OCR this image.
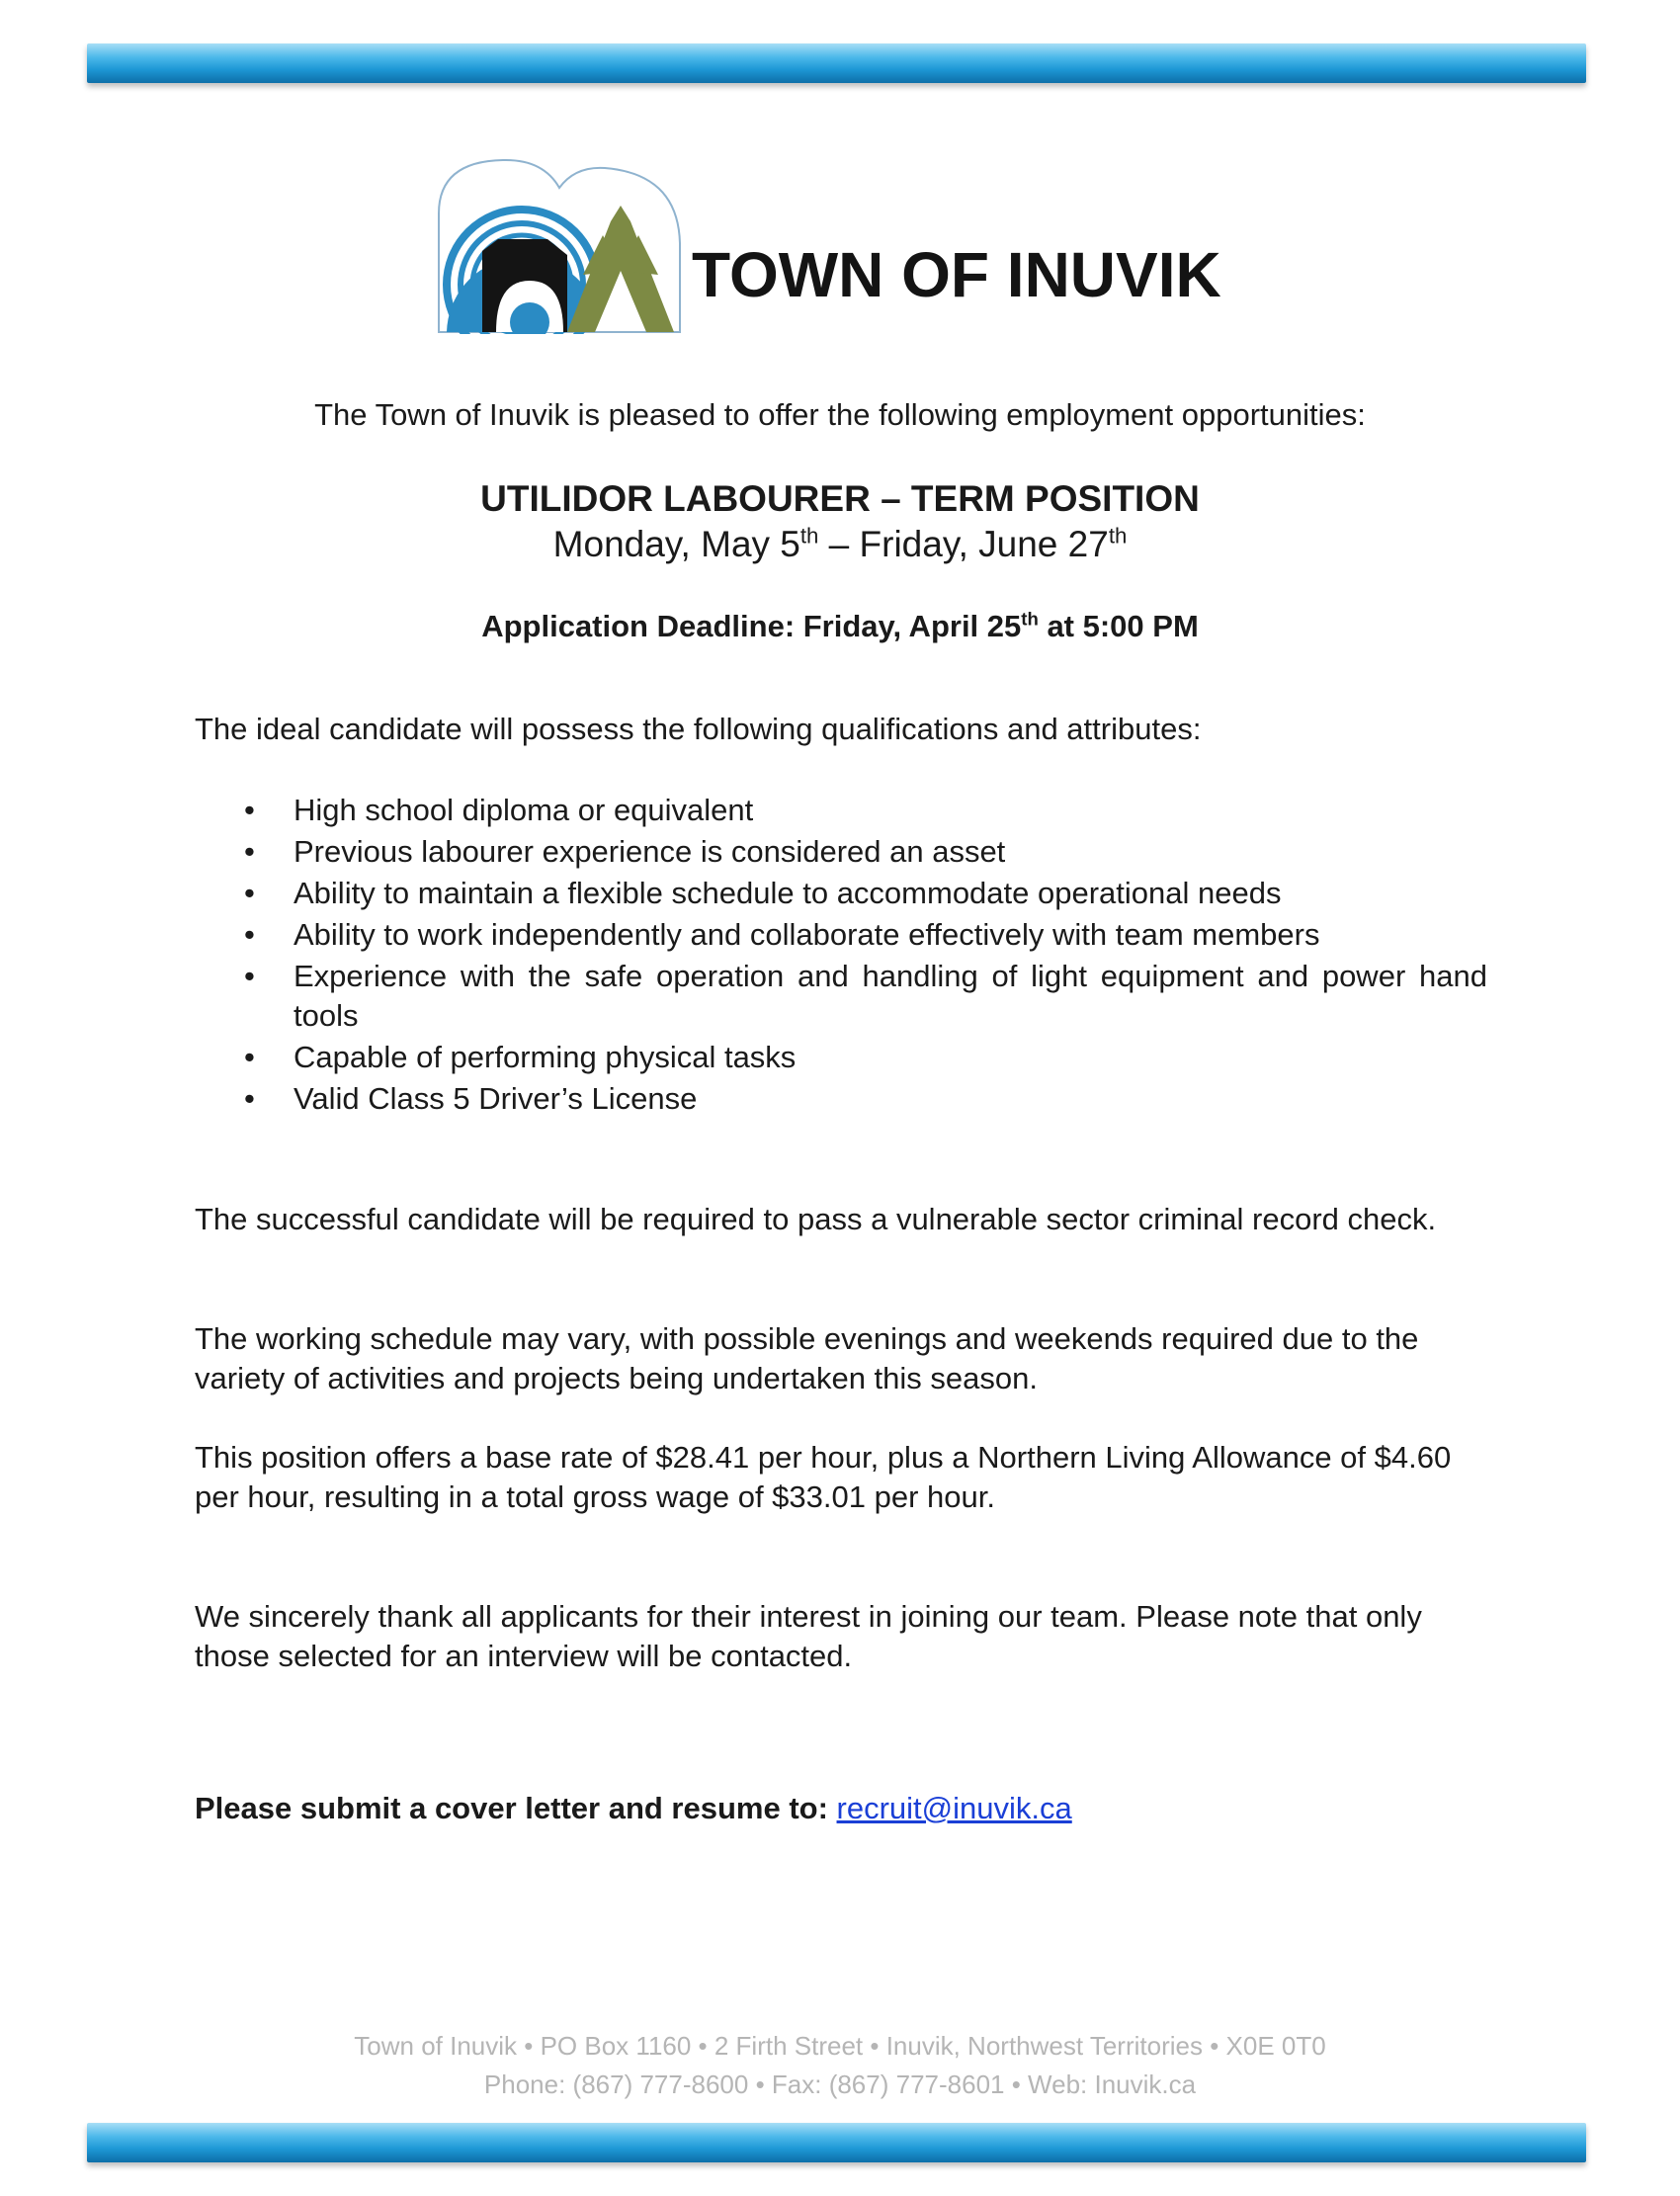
TOWN OF INUVIK
The Town of Inuvik is pleased to offer the following employment opportunities:
UTILIDOR LABOURER – TERM POSITION
Monday, May 5th – Friday, June 27th
Application Deadline: Friday, April 25th at 5:00 PM
The ideal candidate will possess the following qualifications and attributes:
• High school diploma or equivalent
• Previous labourer experience is considered an asset
• Ability to maintain a flexible schedule to accommodate operational needs
• Ability to work independently and collaborate effectively with team members
• Experience with the safe operation and handling of light equipment and power hand tools
• Capable of performing physical tasks
• Valid Class 5 Driver’s License
The successful candidate will be required to pass a vulnerable sector criminal record check.
The working schedule may vary, with possible evenings and weekends required due to the variety of activities and projects being undertaken this season.
This position offers a base rate of $28.41 per hour, plus a Northern Living Allowance of $4.60 per hour, resulting in a total gross wage of $33.01 per hour.
We sincerely thank all applicants for their interest in joining our team. Please note that only those selected for an interview will be contacted.
Please submit a cover letter and resume to: recruit@inuvik.ca
Town of Inuvik • PO Box 1160 • 2 Firth Street • Inuvik, Northwest Territories • X0E 0T0
Phone: (867) 777-8600 • Fax: (867) 777-8601 • Web: Inuvik.ca
